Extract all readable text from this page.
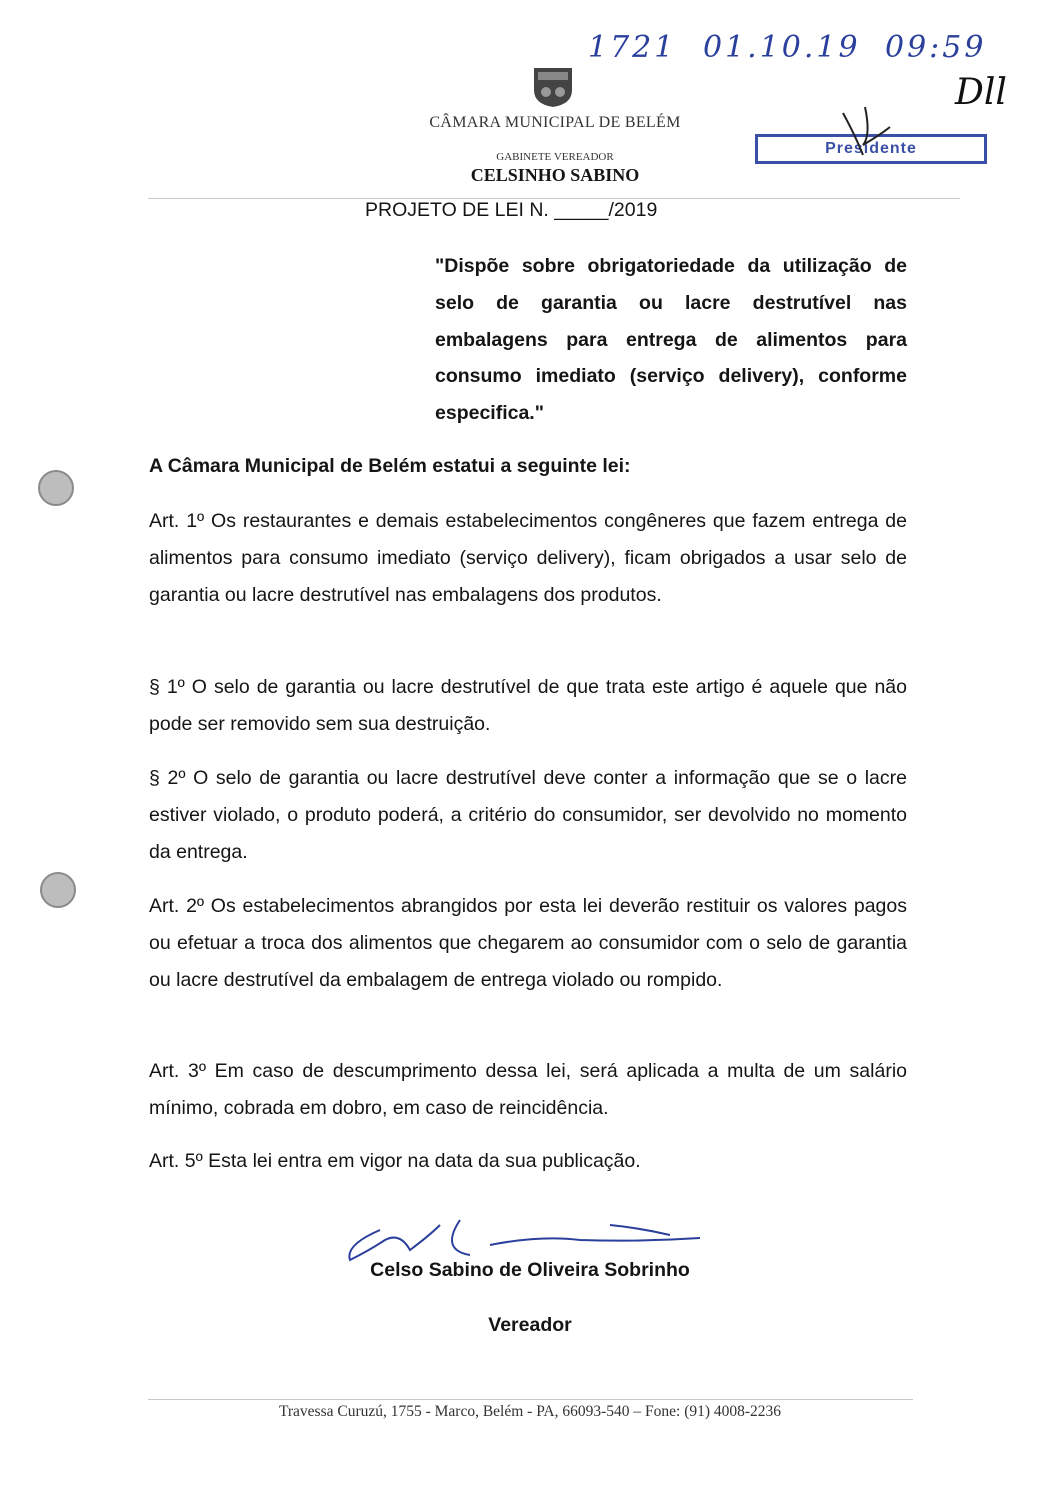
1721 01.10.19 09:59
Dll
CÂMARA MUNICIPAL DE BELÉM
GABINETE VEREADOR
CELSINHO SABINO
Presidente
PROJETO DE LEI N. _____/2019
"Dispõe sobre obrigatoriedade da utilização de selo de garantia ou lacre destrutível nas embalagens para entrega de alimentos para consumo imediato (serviço delivery), conforme especifica."
A Câmara Municipal de Belém estatui a seguinte lei:
Art. 1º Os restaurantes e demais estabelecimentos congêneres que fazem entrega de alimentos para consumo imediato (serviço delivery), ficam obrigados a usar selo de garantia ou lacre destrutível nas embalagens dos produtos.
§ 1º O selo de garantia ou lacre destrutível de que trata este artigo é aquele que não pode ser removido sem sua destruição.
§ 2º O selo de garantia ou lacre destrutível deve conter a informação que se o lacre estiver violado, o produto poderá, a critério do consumidor, ser devolvido no momento da entrega.
Art. 2º Os estabelecimentos abrangidos por esta lei deverão restituir os valores pagos ou efetuar a troca dos alimentos que chegarem ao consumidor com o selo de garantia ou lacre destrutível da embalagem de entrega violado ou rompido.
Art. 3º Em caso de descumprimento dessa lei, será aplicada a multa de um salário mínimo, cobrada em dobro, em caso de reincidência.
Art. 5º Esta lei entra em vigor na data da sua publicação.
Celso Sabino de Oliveira Sobrinho
Vereador
Travessa Curuzú, 1755 - Marco, Belém - PA, 66093-540 – Fone: (91) 4008-2236
